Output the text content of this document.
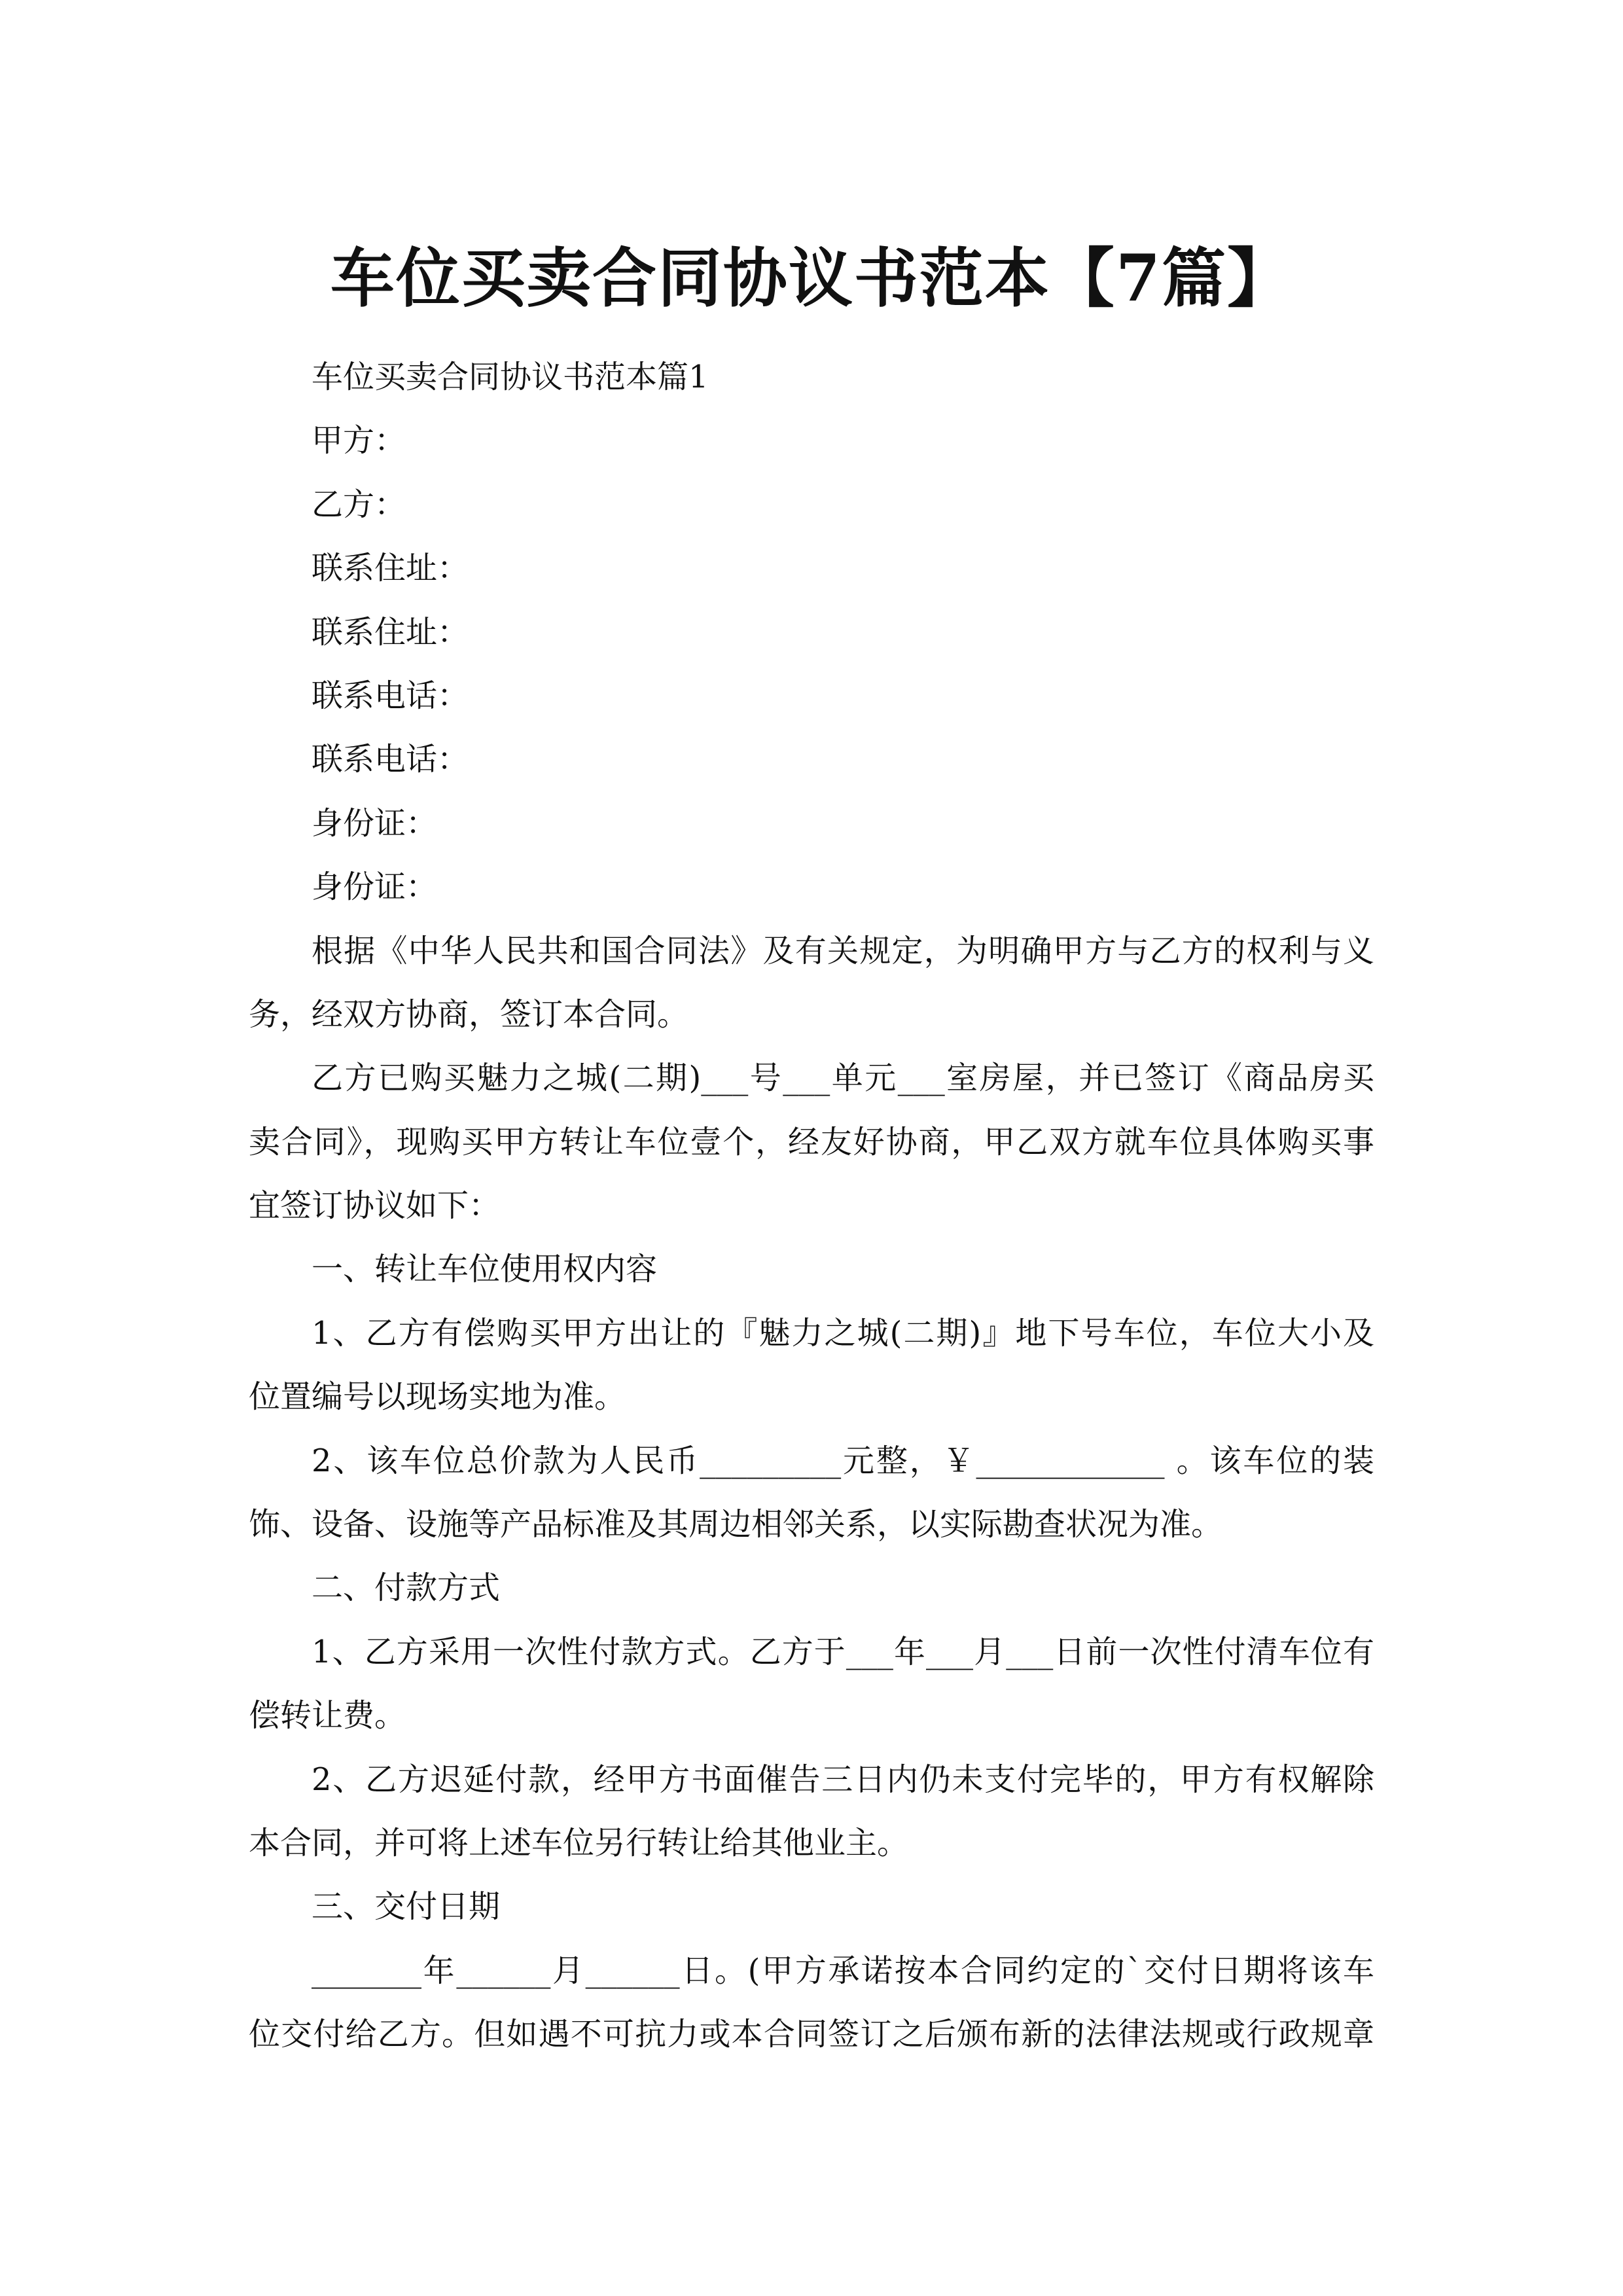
车位买卖合同协议书范本【7篇】
车位买卖合同协议书范本篇1
甲方：
乙方：
联系住址：
联系住址：
联系电话：
联系电话：
身份证：
身份证：
根据《中华人民共和国合同法》及有关规定，为明确甲方与乙方的权利与义
务，经双方协商，签订本合同。
乙方已购买魅力之城(二期)___号___单元___室房屋，并已签订《商品房买
卖合同》，现购买甲方转让车位壹个，经友好协商，甲乙双方就车位具体购买事
宜签订协议如下：
一、转让车位使用权内容
1、乙方有偿购买甲方出让的『魅力之城(二期)』地下号车位，车位大小及
位置编号以现场实地为准。
2、该车位总价款为人民币_________元整，￥____________ 。该车位的装
饰、设备、设施等产品标准及其周边相邻关系，以实际勘查状况为准。
二、付款方式
1、乙方采用一次性付款方式。乙方于___年___月___日前一次性付清车位有
偿转让费。
2、乙方迟延付款，经甲方书面催告三日内仍未支付完毕的，甲方有权解除
本合同，并可将上述车位另行转让给其他业主。
三、交付日期
_______年______月______日。(甲方承诺按本合同约定的`交付日期将该车
位交付给乙方。但如遇不可抗力或本合同签订之后颁布新的法律法规或行政规章
